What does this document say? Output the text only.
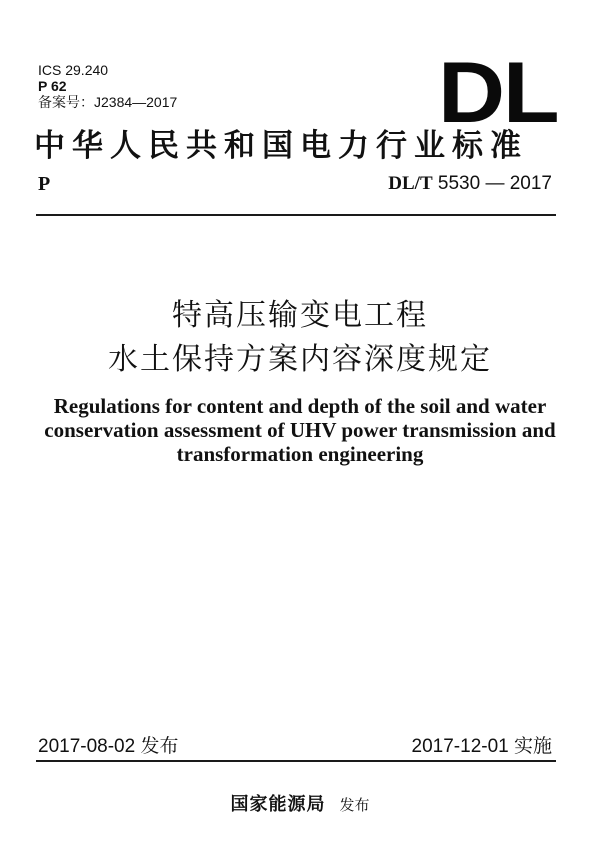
ICS 29.240
P 62
备案号：J2384—2017	DL
中华人民共和国电力行业标准
P	DL/T 5530 — 2017
特高压输变电工程
水土保持方案内容深度规定
Regulations for content and depth of the soil and water
conservation assessment of UHV power transmission and
transformation engineering
2017-08-02 发布	2017-12-01 实施
国家能源局 发布
